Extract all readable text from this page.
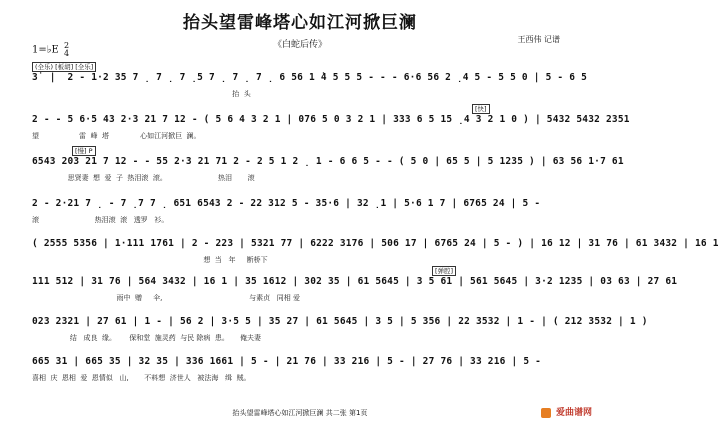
抬头望雷峰塔心如江河掀巨澜
《白蛇后传》
王西伟 记谱
1=♭E 2
4
(全乐) [板胡] [全乐]
3̇  |  2 - 1·2 35 7 ̣ 7 ̣ 7 ̣5 7 ̣ 7 ̣ 7 ̣ 6 56 1 ̇4 5 5 5 - - - 6·6 56 2 ̣4 5 - 5 5 0 | 5 - 6 5
抬  头
[快]
2 - - 5 6·5 43 2·3 21 7 12 - ( 5 6 4 3 2 1 | 076 5 0 3 2 1 | 333 6 5 15 ̣4 3 2 1 0 ) | 5432 5432 2351
望                  雷  峰  塔              心如江河掀巨  澜。
[慢] P
6543 203 21 7 12 - - 55 2·3 21 71 2 - 2 5 1 2 ̣ 1 - 6 6 5 - - ( 5 0 | 65 5 | 5 1235 ) | 63 56 1·7 61
思贤妻  想  爱  子  热泪滚  滚。                       热泪       滚
2 - 2·21 7 ̣ - 7 ̣7 7 ̣ 651 6543 2 - 22 312 5 - 35·6 | 32 ̣1 | 5·6 1 7 | 6765 24 | 5 -
滚                         热泪滚  滚   透罗   衫。
( 2555 5356 | 1·111 1761 | 2 - 223 | 5321 77 | 6222 3176 | 506 17 | 6765 24 | 5 - ) | 16 12 | 31 76 | 61 3432 | 16 1
想  当   年     断桥下
[弹腔]
111 512 | 31 76 | 564 3432 | 16 1 | 35 1612 | 302 35 | 61 5645 | 3 5 61 | 561 5645 | 3·2 1235 | 03 63 | 27 61
雨中  赠     伞,                                       与素贞   同相 爱
023 2321 | 27 61 | 1 - | 56 2 | 3·5 5 | 35 27 | 61 5645 | 3 5 | 5 356 | 22 3532 | 1 - | ( 212 3532 | 1 )
结   成良  缘。      保和堂  施灵药  与民 除病  患。     俺夫妻
665 31 | 665 35 | 32 35 | 336 1661 | 5 - | 21 76 | 33 216 | 5 - | 27 76 | 33 216 | 5 -
喜相  庆  恩相  爱  恩情似   山,       不料想  济世人   被法海   缉  贼。
抬头望雷峰塔心如江河掀巨澜 共二张 第1页	爱曲谱网
